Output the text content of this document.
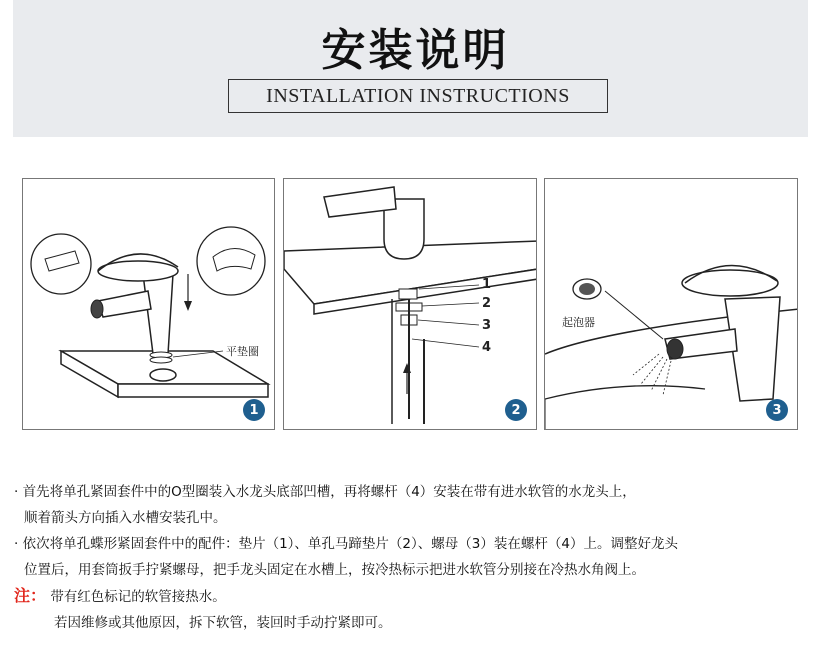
安装说明
INSTALLATION INSTRUCTIONS
平垫圈
1
1
2
3
4
2
起泡器
3
· 首先将单孔紧固套件中的O型圈装入水龙头底部凹槽，再将螺杆（4）安装在带有进水软管的水龙头上，
顺着箭头方向插入水槽安装孔中。
· 依次将单孔蝶形紧固套件中的配件：垫片（1）、单孔马蹄垫片（2）、螺母（3）装在螺杆（4）上。调整好龙头
位置后，用套筒扳手拧紧螺母，把手龙头固定在水槽上，按冷热标示把进水软管分别接在冷热水角阀上。
注： 带有红色标记的软管接热水。
若因维修或其他原因，拆下软管，装回时手动拧紧即可。
